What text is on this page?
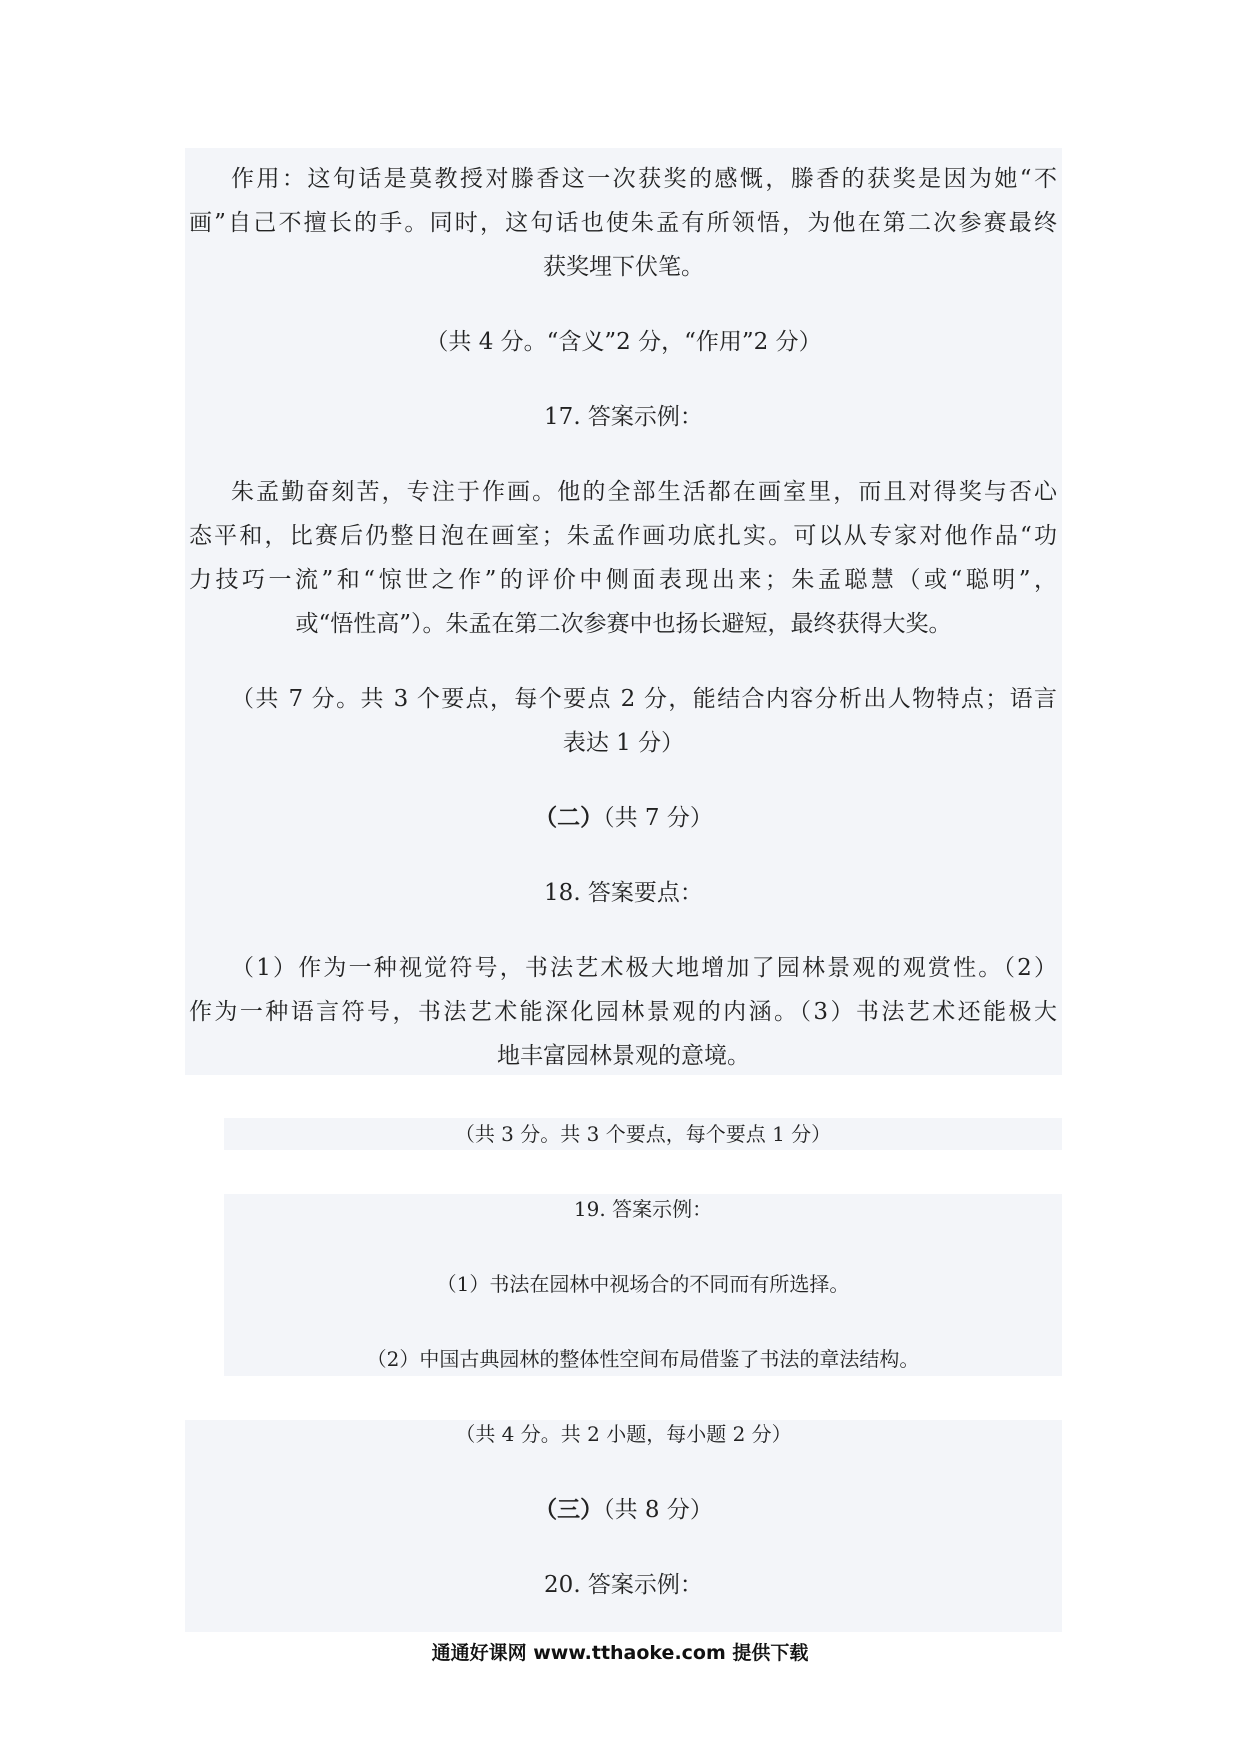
作用：这句话是莫教授对滕香这一次获奖的感慨，滕香的获奖是因为她“不
画”自己不擅长的手。同时，这句话也使朱孟有所领悟，为他在第二次参赛最终
获奖埋下伏笔。
（共 4 分。“含义”2 分，“作用”2 分）
17. 答案示例：
朱孟勤奋刻苦，专注于作画。他的全部生活都在画室里，而且对得奖与否心
态平和，比赛后仍整日泡在画室；朱孟作画功底扎实。可以从专家对他作品“功
力技巧一流”和“惊世之作”的评价中侧面表现出来；朱孟聪慧（或“聪明”，
或“悟性高”）。朱孟在第二次参赛中也扬长避短，最终获得大奖。
（共 7 分。共 3 个要点，每个要点 2 分，能结合内容分析出人物特点；语言
表达 1 分）
（二）（共 7 分）
18. 答案要点：
（1）作为一种视觉符号，书法艺术极大地增加了园林景观的观赏性。（2）
作为一种语言符号，书法艺术能深化园林景观的内涵。（3）书法艺术还能极大
地丰富园林景观的意境。
（共 3 分。共 3 个要点，每个要点 1 分）
19. 答案示例：
（1）书法在园林中视场合的不同而有所选择。
（2）中国古典园林的整体性空间布局借鉴了书法的章法结构。
（共 4 分。共 2 小题，每小题 2 分）
（三）（共 8 分）
20. 答案示例：
通通好课网 www.tthaoke.com 提供下载
